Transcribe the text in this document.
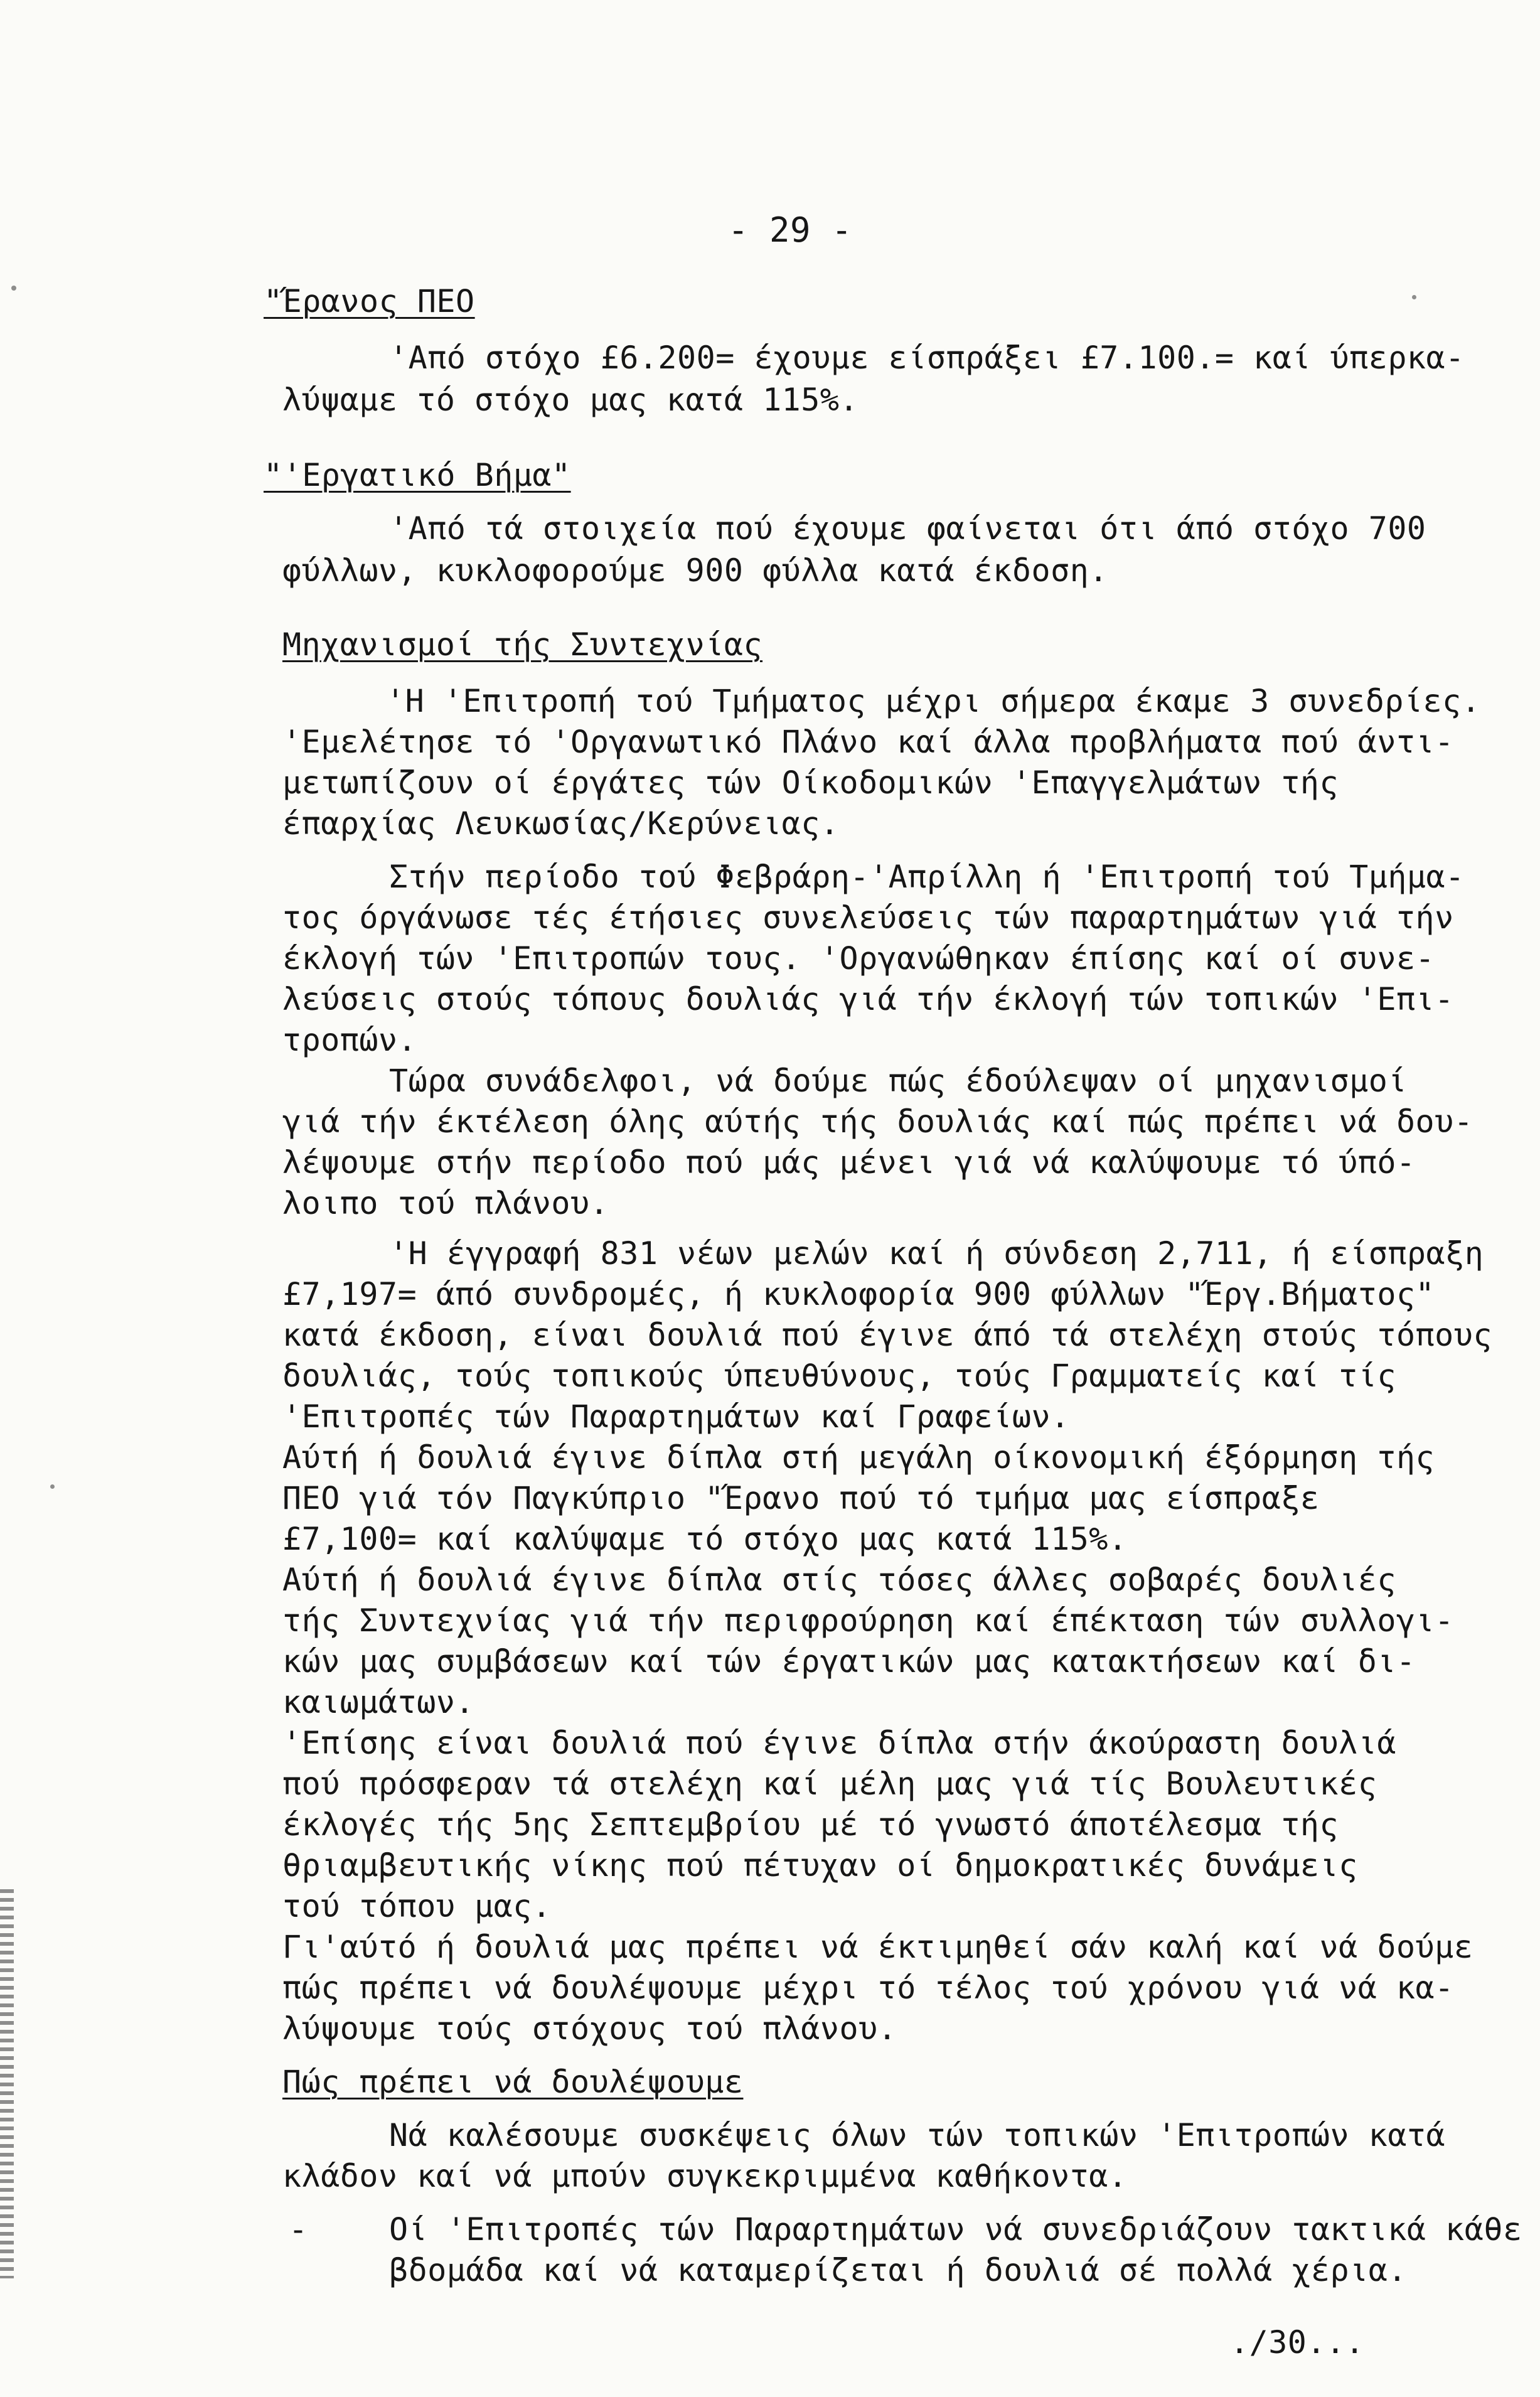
- 29 -
"Έρανος ΠΕΟ
'Από στόχο £6.200= έχουμε είσπράξει £7.100.= καί ύπερκα-
λύψαμε τό στόχο μας κατά 115%.
"'Εργατικό Βήμα"
'Από τά στοιχεία πού έχουμε φαίνεται ότι άπό στόχο 700
φύλλων, κυκλοφορούμε 900 φύλλα κατά έκδοση.
Μηχανισμοί τής Συντεχνίας
'Η 'Επιτροπή τού Τμήματος μέχρι σήμερα έκαμε 3 συνεδρίες.
'Εμελέτησε τό 'Οργανωτικό Πλάνο καί άλλα προβλήματα πού άντι-
μετωπίζουν οί έργάτες τών Οίκοδομικών 'Επαγγελμάτων τής
έπαρχίας Λευκωσίας/Κερύνειας.
Στήν περίοδο τού Φεβράρη-'Απρίλλη ή 'Επιτροπή τού Τμήμα-
τος όργάνωσε τές έτήσιες συνελεύσεις τών παραρτημάτων γιά τήν
έκλογή τών 'Επιτροπών τους. 'Οργανώθηκαν έπίσης καί οί συνε-
λεύσεις στούς τόπους δουλιάς γιά τήν έκλογή τών τοπικών 'Επι-
τροπών.
Τώρα συνάδελφοι, νά δούμε πώς έδούλεψαν οί μηχανισμοί
γιά τήν έκτέλεση όλης αύτής τής δουλιάς καί πώς πρέπει νά δου-
λέψουμε στήν περίοδο πού μάς μένει γιά νά καλύψουμε τό ύπό-
λοιπο τού πλάνου.
'Η έγγραφή 831 νέων μελών καί ή σύνδεση 2,711, ή είσπραξη
£7,197= άπό συνδρομές, ή κυκλοφορία 900 φύλλων "Έργ.Βήματος"
κατά έκδοση, είναι δουλιά πού έγινε άπό τά στελέχη στούς τόπους
δουλιάς, τούς τοπικούς ύπευθύνους, τούς Γραμματείς καί τίς
'Επιτροπές τών Παραρτημάτων καί Γραφείων.
Αύτή ή δουλιά έγινε δίπλα στή μεγάλη οίκονομική έξόρμηση τής
ΠΕΟ γιά τόν Παγκύπριο "Έρανο πού τό τμήμα μας είσπραξε
£7,100= καί καλύψαμε τό στόχο μας κατά 115%.
Αύτή ή δουλιά έγινε δίπλα στίς τόσες άλλες σοβαρές δουλιές
τής Συντεχνίας γιά τήν περιφρούρηση καί έπέκταση τών συλλογι-
κών μας συμβάσεων καί τών έργατικών μας κατακτήσεων καί δι-
καιωμάτων.
'Επίσης είναι δουλιά πού έγινε δίπλα στήν άκούραστη δουλιά
πού πρόσφεραν τά στελέχη καί μέλη μας γιά τίς Βουλευτικές
έκλογές τής 5ης Σεπτεμβρίου μέ τό γνωστό άποτέλεσμα τής
θριαμβευτικής νίκης πού πέτυχαν οί δημοκρατικές δυνάμεις
τού τόπου μας.
Γι'αύτό ή δουλιά μας πρέπει νά έκτιμηθεί σάν καλή καί νά δούμε
πώς πρέπει νά δουλέψουμε μέχρι τό τέλος τού χρόνου γιά νά κα-
λύψουμε τούς στόχους τού πλάνου.
Πώς πρέπει νά δουλέψουμε
Νά καλέσουμε συσκέψεις όλων τών τοπικών 'Επιτροπών κατά
κλάδον καί νά μπούν συγκεκριμμένα καθήκοντα.
-	Οί 'Επιτροπές τών Παραρτημάτων νά συνεδριάζουν τακτικά κάθε
βδομάδα καί νά καταμερίζεται ή δουλιά σέ πολλά χέρια.
./30...
